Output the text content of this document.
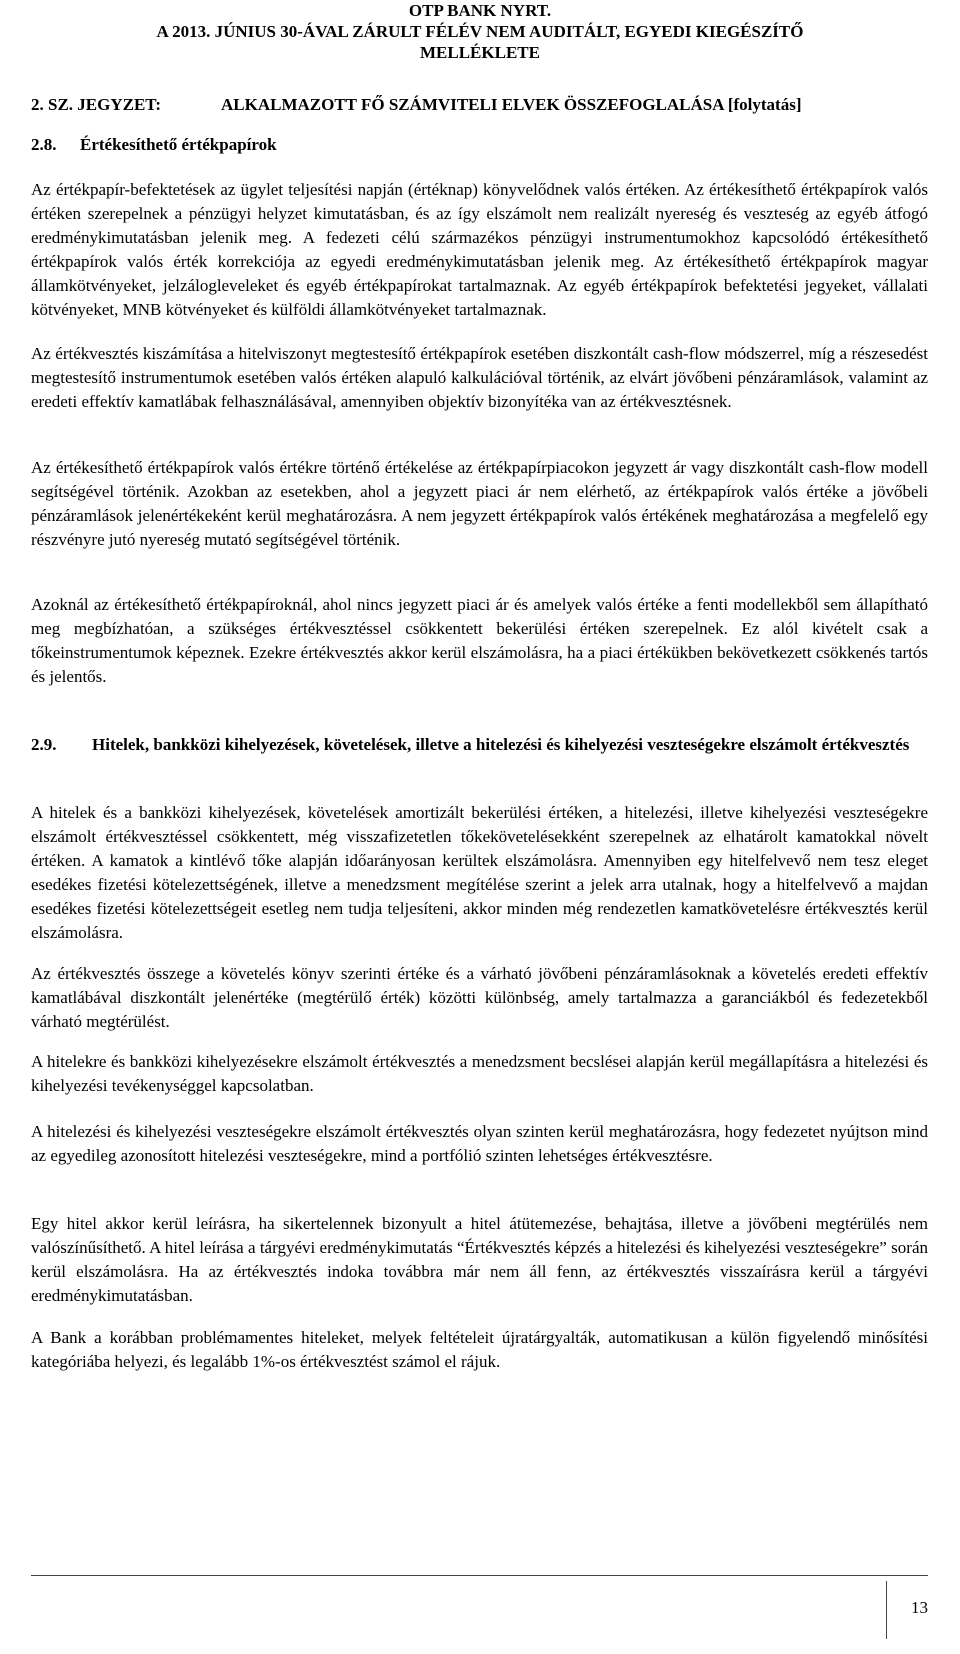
OTP BANK NYRT.
A 2013. JÚNIUS 30-ÁVAL ZÁRULT FÉLÉV NEM AUDITÁLT, EGYEDI KIEGÉSZÍTŐ
MELLÉKLETE
2. SZ. JEGYZET:	ALKALMAZOTT FŐ SZÁMVITELI ELVEK ÖSSZEFOGLALÁSA [folytatás]
2.8. Értékesíthető értékpapírok

Az értékpapír-befektetések az ügylet teljesítési napján (értéknap) könyvelődnek valós értéken. Az értékesíthető értékpapírok valós értéken szerepelnek a pénzügyi helyzet kimutatásban, és az így elszámolt nem realizált nyereség és veszteség az egyéb átfogó eredménykimutatásban jelenik meg. A fedezeti célú származékos pénzügyi instrumentumokhoz kapcsolódó értékesíthető értékpapírok valós érték korrekciója az egyedi eredménykimutatásban jelenik meg. Az értékesíthető értékpapírok magyar államkötvényeket, jelzálogleveleket és egyéb értékpapírokat tartalmaznak. Az egyéb értékpapírok befektetési jegyeket, vállalati kötvényeket, MNB kötvényeket és külföldi államkötvényeket tartalmaznak.

Az értékvesztés kiszámítása a hitelviszonyt megtestesítő értékpapírok esetében diszkontált cash-flow módszerrel, míg a részesedést megtestesítő instrumentumok esetében valós értéken alapuló kalkulációval történik, az elvárt jövőbeni pénzáramlások, valamint az eredeti effektív kamatlábak felhasználásával, amennyiben objektív bizonyítéka van az értékvesztésnek.

Az értékesíthető értékpapírok valós értékre történő értékelése az értékpapírpiacokon jegyzett ár vagy diszkontált cash-flow modell segítségével történik. Azokban az esetekben, ahol a jegyzett piaci ár nem elérhető, az értékpapírok valós értéke a jövőbeli pénzáramlások jelenértékeként kerül meghatározásra. A nem jegyzett értékpapírok valós értékének meghatározása a megfelelő egy részvényre jutó nyereség mutató segítségével történik.

Azoknál az értékesíthető értékpapíroknál, ahol nincs jegyzett piaci ár és amelyek valós értéke a fenti modellekből sem állapítható meg megbízhatóan, a szükséges értékvesztéssel csökkentett bekerülési értéken szerepelnek. Ez alól kivételt csak a tőkeinstrumentumok képeznek. Ezekre értékvesztés akkor kerül elszámolásra, ha a piaci értékükben bekövetkezett csökkenés tartós és jelentős.

2.9. Hitelek, bankközi kihelyezések, követelések, illetve a hitelezési és kihelyezési veszteségekre elszámolt értékvesztés

A hitelek és a bankközi kihelyezések, követelések amortizált bekerülési értéken, a hitelezési, illetve kihelyezési veszteségekre elszámolt értékvesztéssel csökkentett, még visszafizetetlen tőkekövetelésekként szerepelnek az elhatárolt kamatokkal növelt értéken. A kamatok a kintlévő tőke alapján időarányosan kerültek elszámolásra. Amennyiben egy hitelfelvevő nem tesz eleget esedékes fizetési kötelezettségének, illetve a menedzsment megítélése szerint a jelek arra utalnak, hogy a hitelfelvevő a majdan esedékes fizetési kötelezettségeit esetleg nem tudja teljesíteni, akkor minden még rendezetlen kamatkövetelésre értékvesztés kerül elszámolásra.

Az értékvesztés összege a követelés könyv szerinti értéke és a várható jövőbeni pénzáramlásoknak a követelés eredeti effektív kamatlábával diszkontált jelenértéke (megtérülő érték) közötti különbség, amely tartalmazza a garanciákból és fedezetekből várható megtérülést.

A hitelekre és bankközi kihelyezésekre elszámolt értékvesztés a menedzsment becslései alapján kerül megállapításra a hitelezési és kihelyezési tevékenységgel kapcsolatban.

A hitelezési és kihelyezési veszteségekre elszámolt értékvesztés olyan szinten kerül meghatározásra, hogy fedezetet nyújtson mind az egyedileg azonosított hitelezési veszteségekre, mind a portfólió szinten lehetséges értékvesztésre.

Egy hitel akkor kerül leírásra, ha sikertelennek bizonyult a hitel átütemezése, behajtása, illetve a jövőbeni megtérülés nem valószínűsíthető. A hitel leírása a tárgyévi eredménykimutatás “Értékvesztés képzés a hitelezési és kihelyezési veszteségekre” során kerül elszámolásra. Ha az értékvesztés indoka továbbra már nem áll fenn, az értékvesztés visszaírásra kerül a tárgyévi eredménykimutatásban.

A Bank a korábban problémamentes hiteleket, melyek feltételeit újratárgyalták, automatikusan a külön figyelendő minősítési kategóriába helyezi, és legalább 1%-os értékvesztést számol el rájuk.

13
